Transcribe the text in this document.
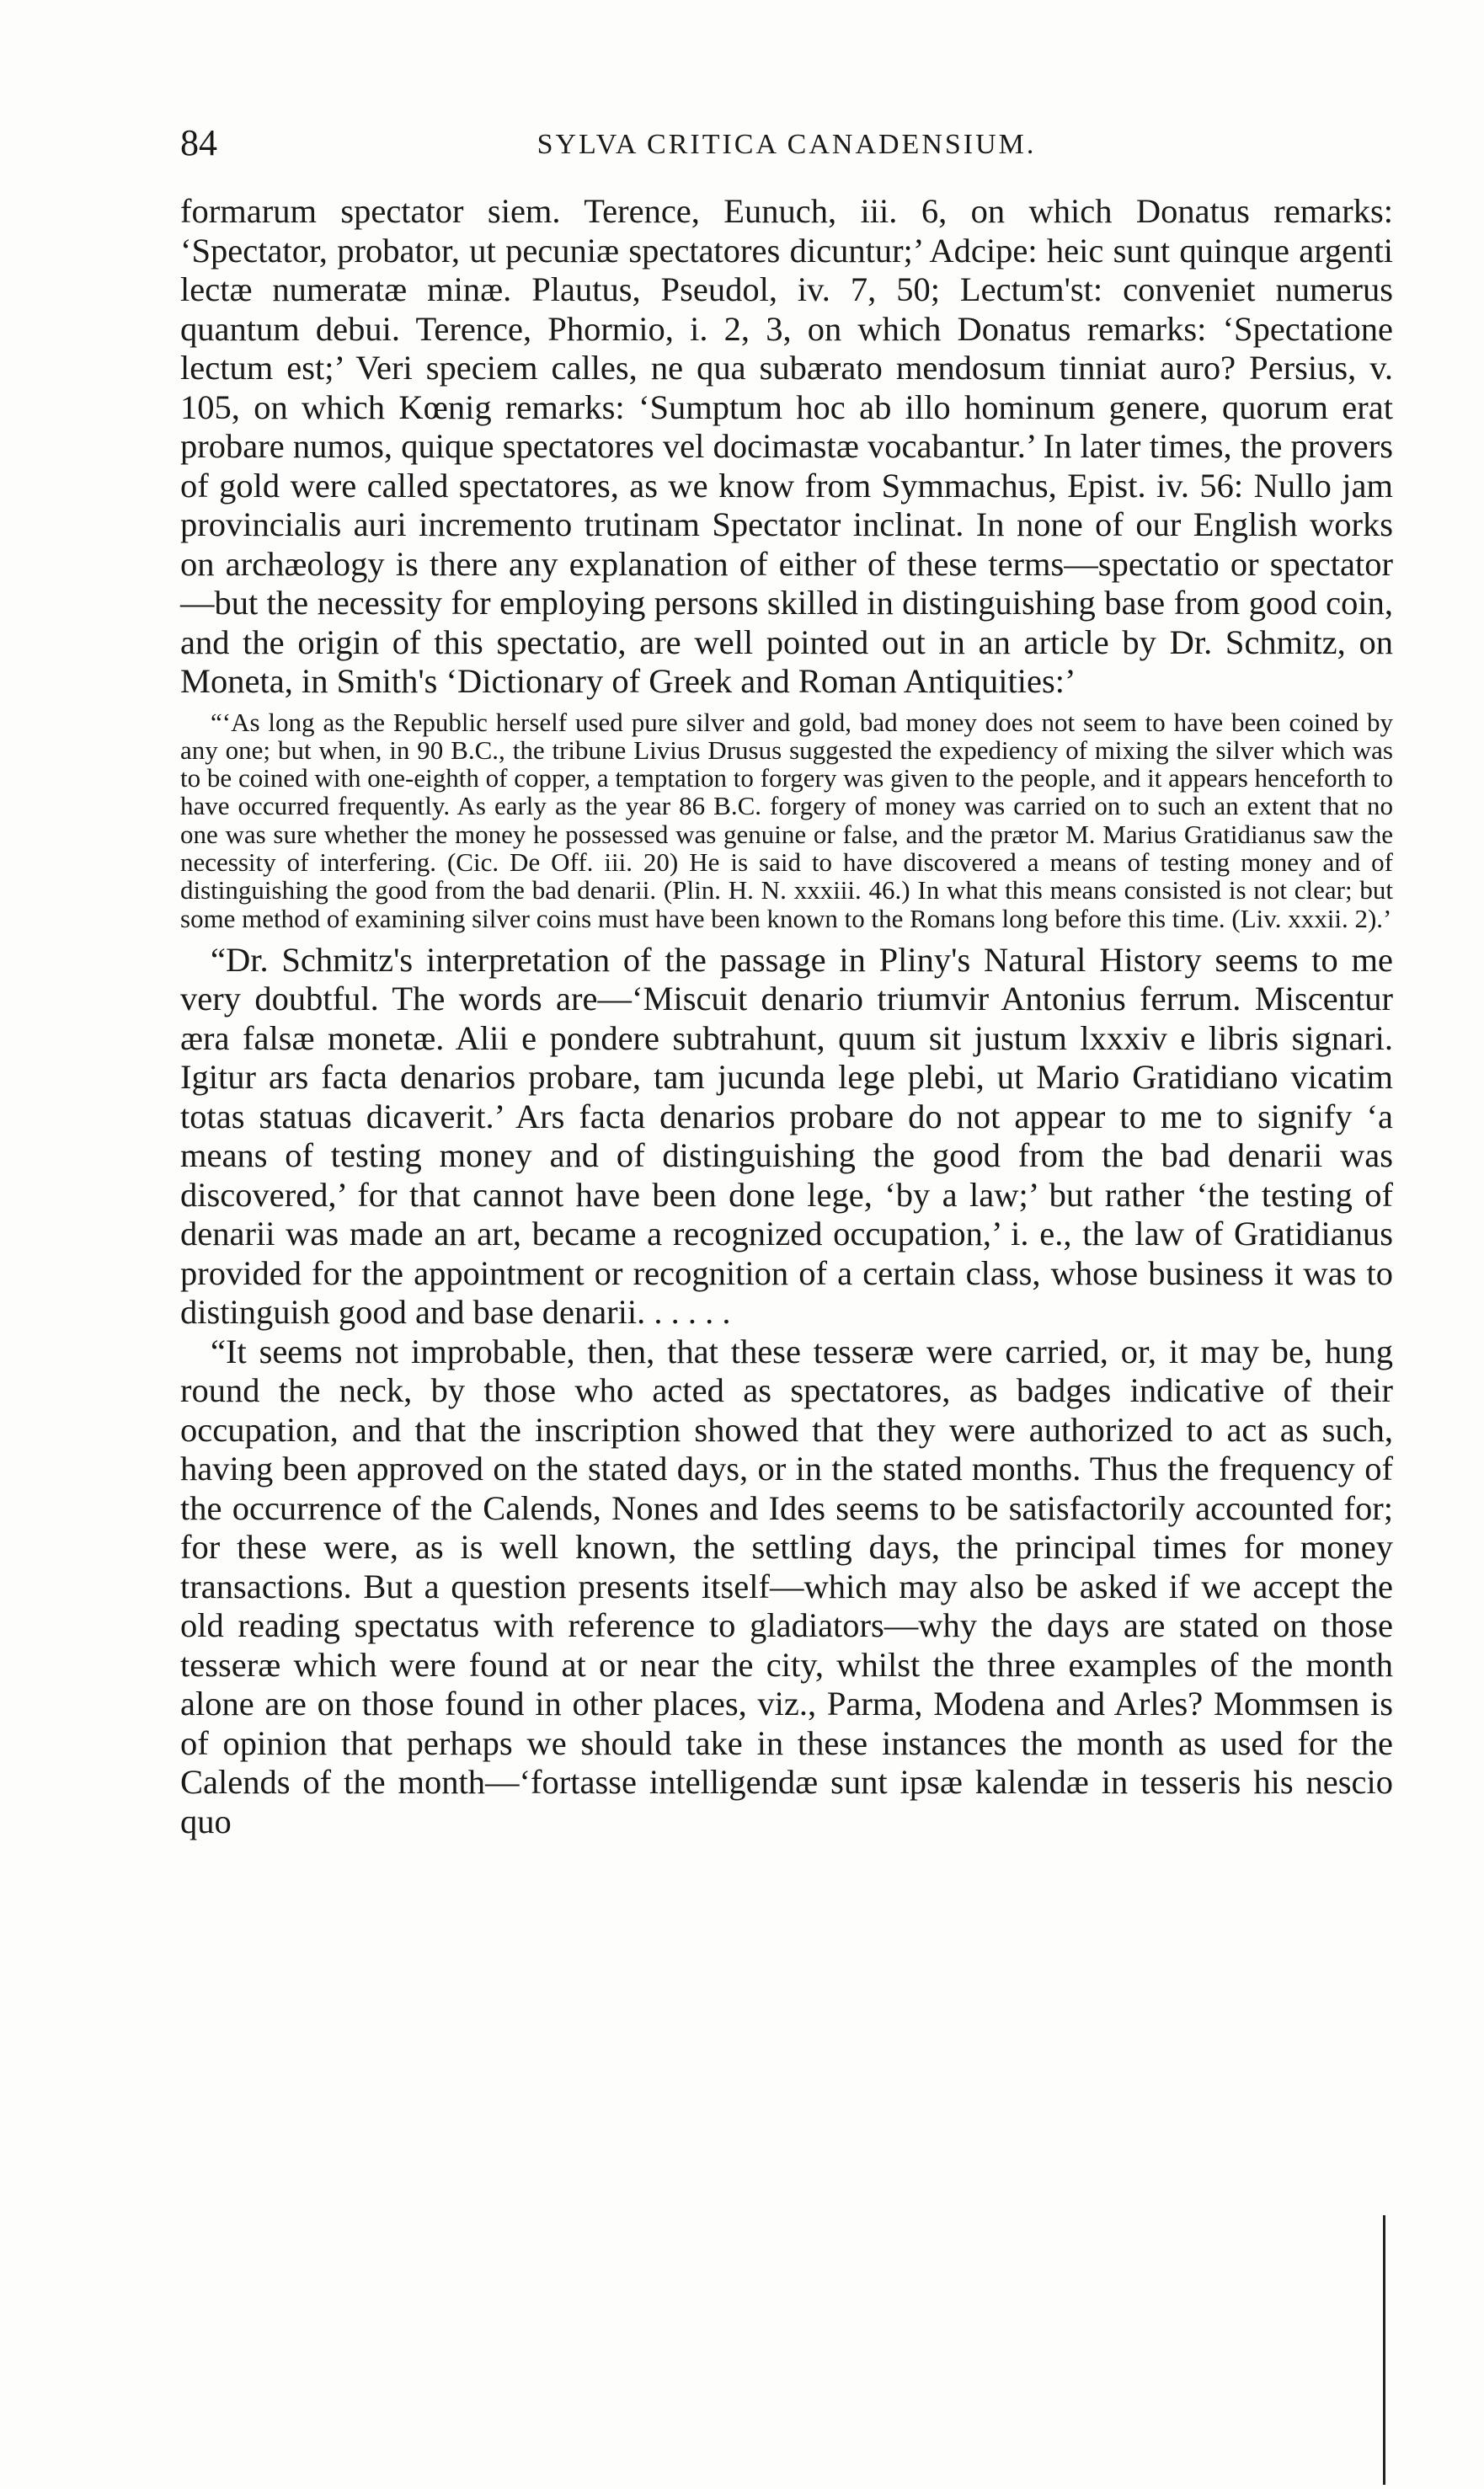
84	SYLVA CRITICA CANADENSIUM.

formarum spectator siem. Terence, Eunuch, iii. 6, on which Donatus remarks: ‘Spectator, probator, ut pecuniæ spectatores dicuntur;’ Adcipe: heic sunt quinque argenti lectæ numeratæ minæ. Plautus, Pseudol, iv. 7, 50; Lectum'st: conveniet numerus quantum debui. Terence, Phormio, i. 2, 3, on which Donatus remarks: ‘Spectatione lectum est;’ Veri speciem calles, ne qua subærato mendosum tinniat auro? Persius, v. 105, on which Kœnig remarks: ‘Sumptum hoc ab illo hominum genere, quorum erat probare numos, quique spectatores vel docimastæ vocabantur.’ In later times, the provers of gold were called spectatores, as we know from Symmachus, Epist. iv. 56: Nullo jam provincialis auri incremento trutinam Spectator inclinat. In none of our English works on archæology is there any explanation of either of these terms—spectatio or spectator—but the necessity for employing persons skilled in distinguishing base from good coin, and the origin of this spectatio, are well pointed out in an article by Dr. Schmitz, on Moneta, in Smith's ‘Dictionary of Greek and Roman Antiquities:’

“‘As long as the Republic herself used pure silver and gold, bad money does not seem to have been coined by any one; but when, in 90 B.C., the tribune Livius Drusus suggested the expediency of mixing the silver which was to be coined with one-eighth of copper, a temptation to forgery was given to the people, and it appears henceforth to have occurred frequently. As early as the year 86 B.C. forgery of money was carried on to such an extent that no one was sure whether the money he possessed was genuine or false, and the prætor M. Marius Gratidianus saw the necessity of interfering. (Cic. De Off. iii. 20) He is said to have discovered a means of testing money and of distinguishing the good from the bad denarii. (Plin. H. N. xxxiii. 46.) In what this means consisted is not clear; but some method of examining silver coins must have been known to the Romans long before this time. (Liv. xxxii. 2).’

“Dr. Schmitz's interpretation of the passage in Pliny's Natural History seems to me very doubtful. The words are—‘Miscuit denario triumvir Antonius ferrum. Miscentur æra falsæ monetæ. Alii e pondere subtrahunt, quum sit justum lxxxiv e libris signari. Igitur ars facta denarios probare, tam jucunda lege plebi, ut Mario Gratidiano vicatim totas statuas dicaverit.’ Ars facta denarios probare do not appear to me to signify ‘a means of testing money and of distinguishing the good from the bad denarii was discovered,’ for that cannot have been done lege, ‘by a law;’ but rather ‘the testing of denarii was made an art, became a recognized occupation,’ i. e., the law of Gratidianus provided for the appointment or recognition of a certain class, whose business it was to distinguish good and base denarii. . . . . .

“It seems not improbable, then, that these tesseræ were carried, or, it may be, hung round the neck, by those who acted as spectatores, as badges indicative of their occupation, and that the inscription showed that they were authorized to act as such, having been approved on the stated days, or in the stated months. Thus the frequency of the occurrence of the Calends, Nones and Ides seems to be satisfactorily accounted for; for these were, as is well known, the settling days, the principal times for money transactions. But a question presents itself—which may also be asked if we accept the old reading spectatus with reference to gladiators—why the days are stated on those tesseræ which were found at or near the city, whilst the three examples of the month alone are on those found in other places, viz., Parma, Modena and Arles? Mommsen is of opinion that perhaps we should take in these instances the month as used for the Calends of the month—‘fortasse intelligendæ sunt ipsæ kalendæ in tesseris his nescio quo
